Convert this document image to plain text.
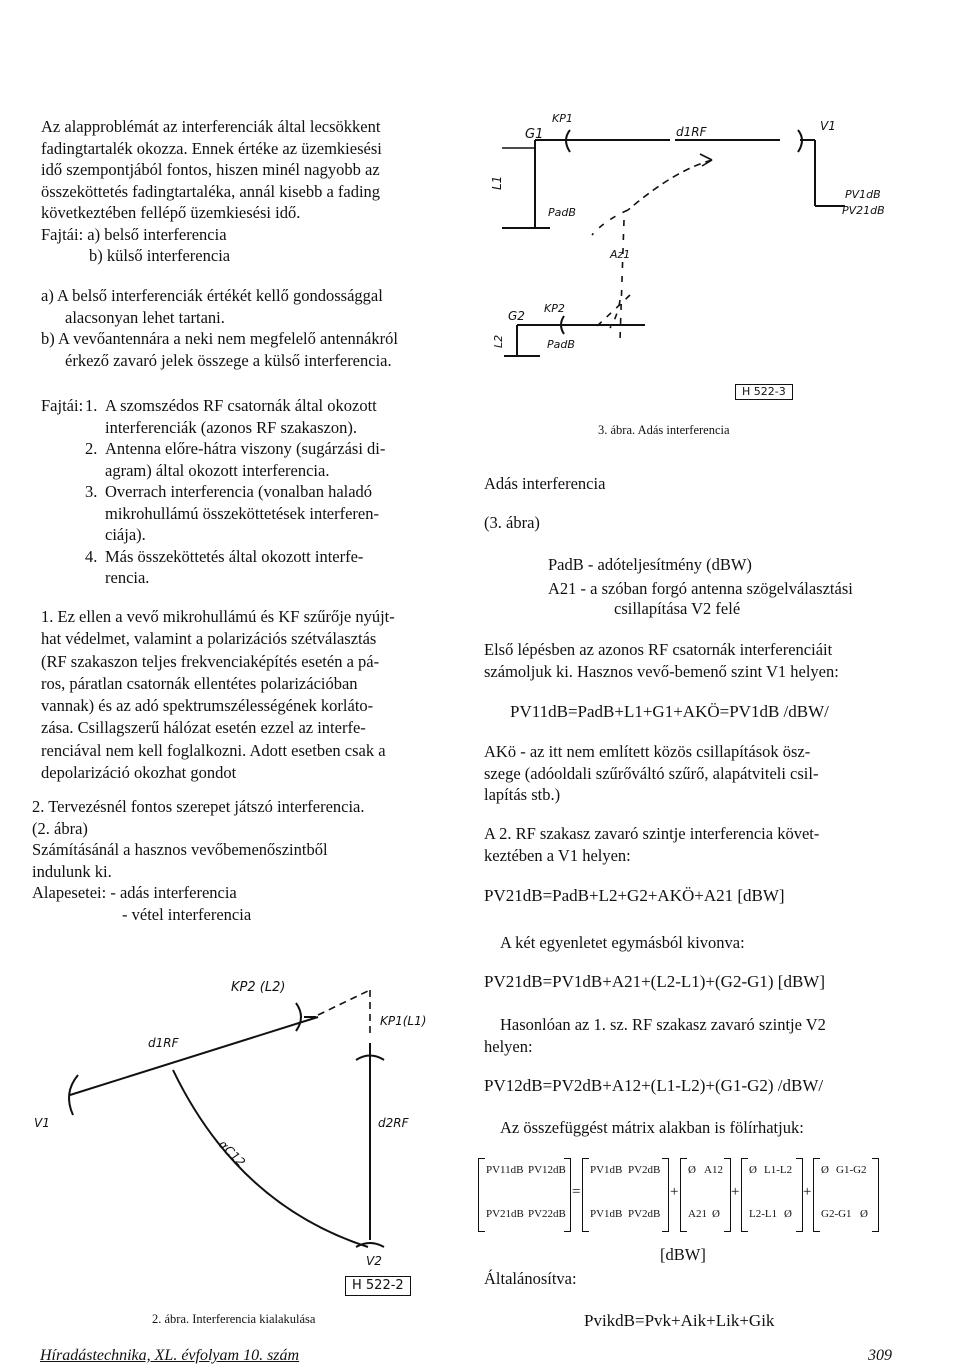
Az alapproblémát az interferenciák által lecsökkent
fadingtartalék okozza. Ennek értéke az üzemkiesési
idő szempontjából fontos, hiszen minél nagyobb az
összeköttetés fadingtartaléka, annál kisebb a fading
következtében fellépő üzemkiesési idő.
Fajtái: a) belső interferencia
b) külső interferencia
a) A belső interferenciák értékét kellő gondossággal
alacsonyan lehet tartani.
b) A vevőantennára a neki nem megfelelő antennákról
érkező zavaró jelek összege a külső interferencia.
Fajtái: 1. A szomszédos RF csatornák által okozott
interferenciák (azonos RF szakaszon).
2. Antenna előre-hátra viszony (sugárzási di-
agram) által okozott interferencia.
3. Overrach interferencia (vonalban haladó
mikrohullámú összeköttetések interferen-
ciája).
4. Más összeköttetés által okozott interfe-
rencia.
1. Ez ellen a vevő mikrohullámú és KF szűrője nyújt-
hat védelmet, valamint a polarizációs szétválasztás
(RF szakaszon teljes frekvenciaképítés esetén a pá-
ros, páratlan csatornák ellentétes polarizációban
vannak) és az adó spektrumszélességének korláto-
zása. Csillagszerű hálózat esetén ezzel az interfe-
renciával nem kell foglalkozni. Adott esetben csak a
depolarizáció okozhat gondot
2. Tervezésnél fontos szerepet játszó interferencia.
(2. ábra)
Számításánál a hasznos vevőbemenőszintből
indulunk ki.
Alapesetei: - adás interferencia
- vétel interferencia
L1
G1
KP1
PadB
d1RF
Az1
V1
PV1dB
PV21dB
L2
G2
KP2
PadB
H 522-3
3. ábra. Adás interferencia
Adás interferencia
(3. ábra)
PadB - adóteljesítmény (dBW)
A21 - a szóban forgó antenna szögelválasztási
csillapítása V2 felé
Első lépésben az azonos RF csatornák interferenciáit
számoljuk ki. Hasznos vevő-bemenő szint V1 helyen:
PV11dB=PadB+L1+G1+AKÖ=PV1dB /dBW/
AKö - az itt nem említett közös csillapítások ösz-
szege (adóoldali szűrőváltó szűrő, alapátviteli csil-
lapítás stb.)
A 2. RF szakasz zavaró szintje interferencia követ-
keztében a V1 helyen:
PV21dB=PadB+L2+G2+AKÖ+A21 [dBW]
A két egyenletet egymásból kivonva:
PV21dB=PV1dB+A21+(L2-L1)+(G2-G1) [dBW]
Hasonlóan az 1. sz. RF szakasz zavaró szintje V2
helyen:
PV12dB=PV2dB+A12+(L1-L2)+(G1-G2) /dBW/
Az összefüggést mátrix alakban is fölírhatjuk:
PV11dB PV12dB
PV21dB PV22dB
=
PV1dB PV2dB
PV1dB PV2dB
+
Ø A12
A21 Ø
+
Ø L1-L2
L2-L1 Ø
+
Ø G1-G2
G2-G1 Ø
[dBW]
Általánosítva:
PvikdB=Pvk+Aik+Lik+Gik
V1
d1RF
KP2 (L2)
KP1(L1)
d2RF
V2
αC12
H 522-2
2. ábra. Interferencia kialakulása
Híradástechnika, XL. évfolyam 10. szám	309
